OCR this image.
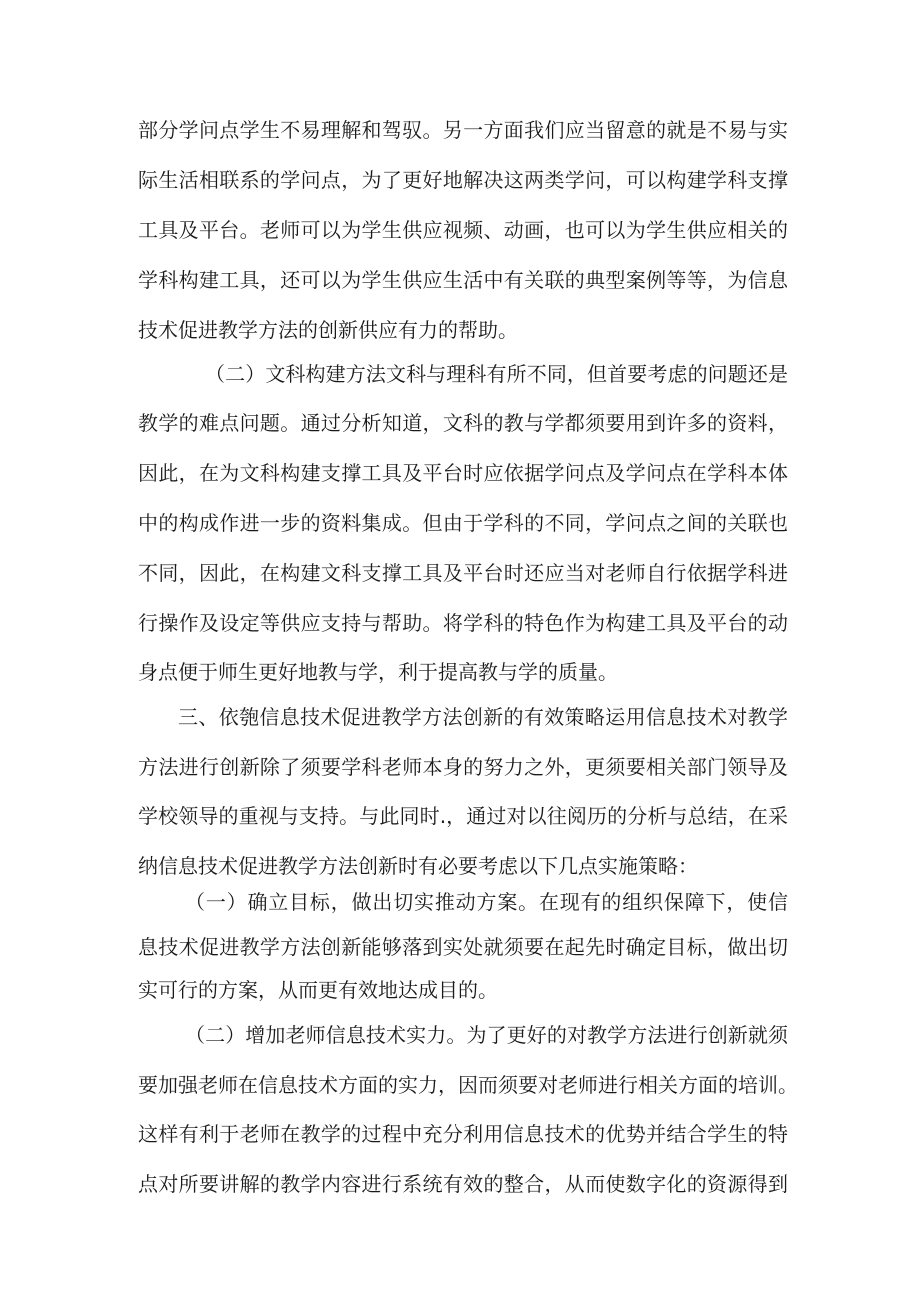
部分学问点学生不易理解和驾驭。另一方面我们应当留意的就是不易与实
际生活相联系的学问点，为了更好地解决这两类学问，可以构建学科支撑
工具及平台。老师可以为学生供应视频、动画，也可以为学生供应相关的
学科构建工具，还可以为学生供应生活中有关联的典型案例等等，为信息
技术促进教学方法的创新供应有力的帮助。
（二）文科构建方法文科与理科有所不同，但首要考虑的问题还是
教学的难点问题。通过分析知道，文科的教与学都须要用到许多的资料，
因此，在为文科构建支撑工具及平台时应依据学问点及学问点在学科本体
中的构成作进一步的资料集成。但由于学科的不同，学问点之间的关联也
不同，因此，在构建文科支撑工具及平台时还应当对老师自行依据学科进
行操作及设定等供应支持与帮助。将学科的特色作为构建工具及平台的动
身点便于师生更好地教与学，利于提高教与学的质量。
三、依匏信息技术促进教学方法创新的有效策略运用信息技术对教学
方法进行创新除了须要学科老师本身的努力之外，更须要相关部门领导及
学校领导的重视与支持。与此同时.，通过对以往阅历的分析与总结，在采
纳信息技术促进教学方法创新时有必要考虑以下几点实施策略：
（一）确立目标，做出切实推动方案。在现有的组织保障下，使信
息技术促进教学方法创新能够落到实处就须要在起先时确定目标，做出切
实可行的方案，从而更有效地达成目的。
（二）增加老师信息技术实力。为了更好的对教学方法进行创新就须
要加强老师在信息技术方面的实力，因而须要对老师进行相关方面的培训。
这样有利于老师在教学的过程中充分利用信息技术的优势并结合学生的特
点对所要讲解的教学内容进行系统有效的整合，从而使数字化的资源得到
